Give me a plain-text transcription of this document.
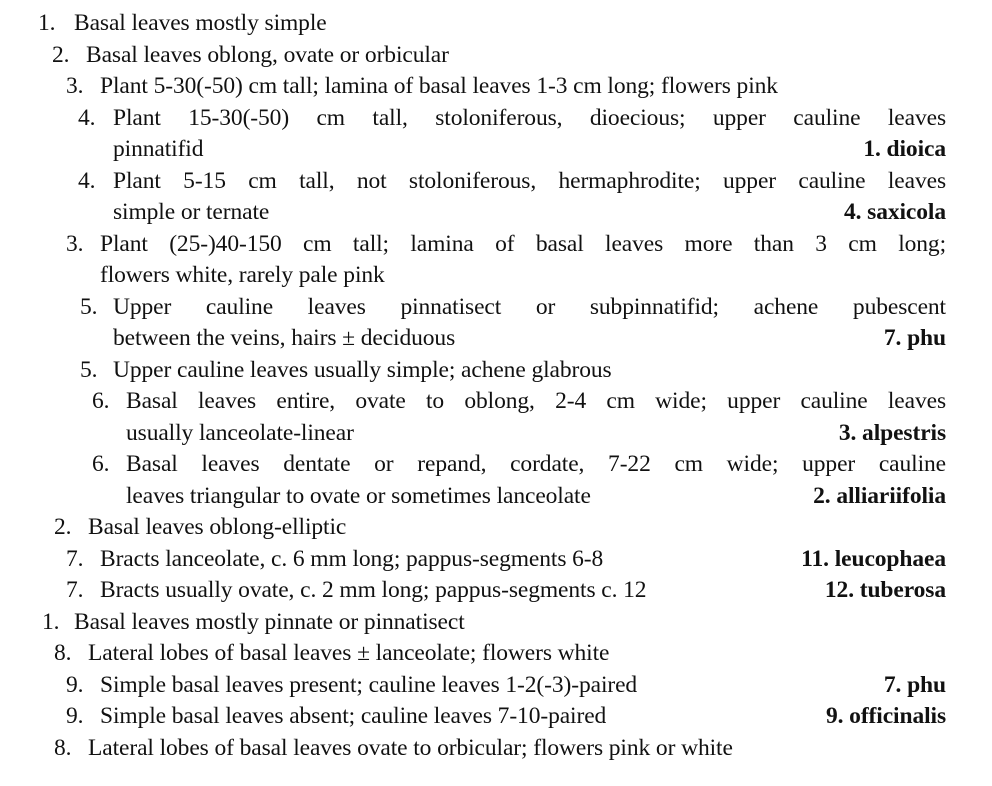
1. Basal leaves mostly simple
2. Basal leaves oblong, ovate or orbicular
3. Plant 5-30(-50) cm tall; lamina of basal leaves 1-3 cm long; flowers pink
4. Plant 15-30(-50) cm tall, stoloniferous, dioecious; upper cauline leaves
pinnatifid	1. dioica
4. Plant 5-15 cm tall, not stoloniferous, hermaphrodite; upper cauline leaves
simple or ternate	4. saxicola
3. Plant (25-)40-150 cm tall; lamina of basal leaves more than 3 cm long;
flowers white, rarely pale pink
5. Upper cauline leaves pinnatisect or subpinnatifid; achene pubescent
between the veins, hairs ± deciduous	7. phu
5. Upper cauline leaves usually simple; achene glabrous
6. Basal leaves entire, ovate to oblong, 2-4 cm wide; upper cauline leaves
usually lanceolate-linear	3. alpestris
6. Basal leaves dentate or repand, cordate, 7-22 cm wide; upper cauline
leaves triangular to ovate or sometimes lanceolate	2. alliariifolia
2. Basal leaves oblong-elliptic
7. Bracts lanceolate, c. 6 mm long; pappus-segments 6-8	11. leucophaea
7. Bracts usually ovate, c. 2 mm long; pappus-segments c. 12	12. tuberosa
1. Basal leaves mostly pinnate or pinnatisect
8. Lateral lobes of basal leaves ± lanceolate; flowers white
9. Simple basal leaves present; cauline leaves 1-2(-3)-paired	7. phu
9. Simple basal leaves absent; cauline leaves 7-10-paired	9. officinalis
8. Lateral lobes of basal leaves ovate to orbicular; flowers pink or white
